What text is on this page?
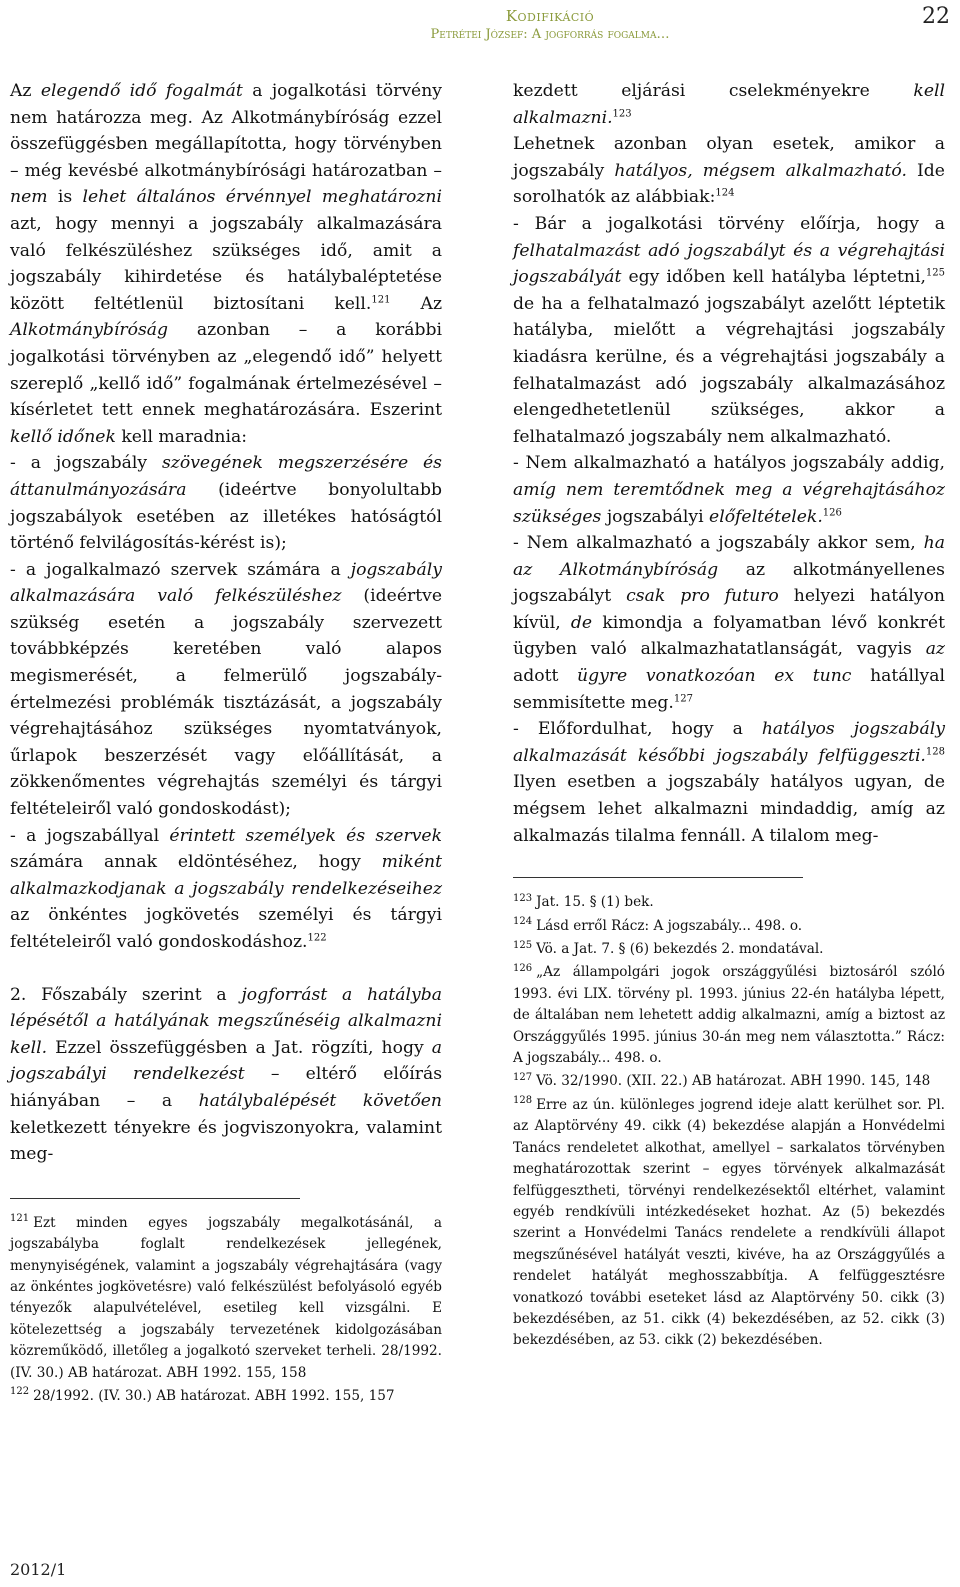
Kodifikáció
Petrétei József: A jogforrás fogalma…
22

Az elegendő idő fogalmát a jogalkotási törvény nem határozza meg. Az Alkotmánybíróság ezzel összefüggésben megállapította, hogy törvényben – még kevésbé alkotmánybírósági határozatban – nem is lehet általános érvénnyel meghatározni azt, hogy mennyi a jogszabály alkalmazására való felkészüléshez szükséges idő, amit a jogszabály kihirdetése és hatálybaléptetése között feltétlenül biztosítani kell.$^{121}$ Az Alkotmánybíróság azonban – a korábbi jogalkotási törvényben az „elegendő idő” helyett szereplő „kellő idő” fogalmának értelmezésével – kísérletet tett ennek meghatározására. Eszerint kellő időnek kell maradnia:

- a jogszabály szövegének megszerzésére és áttanulmányozására (ideértve bonyolultabb jogszabályok esetében az illetékes hatóságtól történő felvilágosítás-kérést is);

- a jogalkalmazó szervek számára a jogszabály alkalmazására való felkészüléshez (ideértve szükség esetén a jogszabály szervezett továbbképzés keretében való alapos megismerését, a felmerülő jogszabály-értelmezési problémák tisztázását, a jogszabály végrehajtásához szükséges nyomtatványok, űrlapok beszerzését vagy előállítását, a zökkenőmentes végrehajtás személyi és tárgyi feltételeiről való gondoskodást);

- a jogszabállyal érintett személyek és szervek számára annak eldöntéséhez, hogy miként alkalmazkodjanak a jogszabály rendelkezéseihez az önkéntes jogkövetés személyi és tárgyi feltételeiről való gondoskodáshoz.$^{122}$

2. Főszabály szerint a jogforrást a hatályba lépésétől a hatályának megszűnéséig alkalmazni kell. Ezzel összefüggésben a Jat. rögzíti, hogy a jogszabályi rendelkezést – eltérő előírás hiányában – a hatálybalépését követően keletkezett tényekre és jogviszonyokra, valamint meg-

$^{121}$ Ezt minden egyes jogszabály megalkotásánál, a jogszabályba foglalt rendelkezések jellegének, menynyiségének, valamint a jogszabály végrehajtására (vagy az önkéntes jogkövetésre) való felkészülést befolyásoló egyéb tényezők alapulvételével, esetileg kell vizsgálni. E kötelezettség a jogszabály tervezetének kidolgozásában közreműködő, illetőleg a jogalkotó szerveket terheli. 28/1992. (IV. 30.) AB határozat. ABH 1992. 155, 158

$^{122}$ 28/1992. (IV. 30.) AB határozat. ABH 1992. 155, 157

2012/1

kezdett eljárási cselekményekre kell alkalmazni.$^{123}$

Lehetnek azonban olyan esetek, amikor a jogszabály hatályos, mégsem alkalmazható. Ide sorolhatók az alábbiak:$^{124}$

- Bár a jogalkotási törvény előírja, hogy a felhatalmazást adó jogszabályt és a végrehajtási jogszabályát egy időben kell hatályba léptetni,$^{125}$ de ha a felhatalmazó jogszabályt azelőtt léptetik hatályba, mielőtt a végrehajtási jogszabály kiadásra kerülne, és a végrehajtási jogszabály a felhatalmazást adó jogszabály alkalmazásához elengedhetetlenül szükséges, akkor a felhatalmazó jogszabály nem alkalmazható.

- Nem alkalmazható a hatályos jogszabály addig, amíg nem teremtődnek meg a végrehajtásához szükséges jogszabályi előfeltételek.$^{126}$

- Nem alkalmazható a jogszabály akkor sem, ha az Alkotmánybíróság az alkotmányellenes jogszabályt csak pro futuro helyezi hatályon kívül, de kimondja a folyamatban lévő konkrét ügyben való alkalmazhatatlanságát, vagyis az adott ügyre vonatkozóan ex tunc hatállyal semmisítette meg.$^{127}$

- Előfordulhat, hogy a hatályos jogszabály alkalmazását későbbi jogszabály felfüggeszti.$^{128}$ Ilyen esetben a jogszabály hatályos ugyan, de mégsem lehet alkalmazni mindaddig, amíg az alkalmazás tilalma fennáll. A tilalom meg-

$^{123}$ Jat. 15. § (1) bek.

$^{124}$ Lásd erről Rácz: A jogszabály... 498. o.

$^{125}$ Vö. a Jat. 7. § (6) bekezdés 2. mondatával.

$^{126}$ „Az állampolgári jogok országgyűlési biztosáról szóló 1993. évi LIX. törvény pl. 1993. június 22-én hatályba lépett, de általában nem lehetett addig alkalmazni, amíg a biztost az Országgyűlés 1995. június 30-án meg nem választotta.” Rácz: A jogszabály... 498. o.

$^{127}$ Vö. 32/1990. (XII. 22.) AB határozat. ABH 1990. 145, 148

$^{128}$ Erre az ún. különleges jogrend ideje alatt kerülhet sor. Pl. az Alaptörvény 49. cikk (4) bekezdése alapján a Honvédelmi Tanács rendeletet alkothat, amellyel – sarkalatos törvényben meghatározottak szerint – egyes törvények alkalmazását felfüggesztheti, törvényi rendelkezésektől eltérhet, valamint egyéb rendkívüli intézkedéseket hozhat. Az (5) bekezdés szerint a Honvédelmi Tanács rendelete a rendkívüli állapot megszűnésével hatályát veszti, kivéve, ha az Országgyűlés a rendelet hatályát meghosszabbítja. A felfüggesztésre vonatkozó további eseteket lásd az Alaptörvény 50. cikk (3) bekezdésében, az 51. cikk (4) bekezdésében, az 52. cikk (3) bekezdésében, az 53. cikk (2) bekezdésében.
